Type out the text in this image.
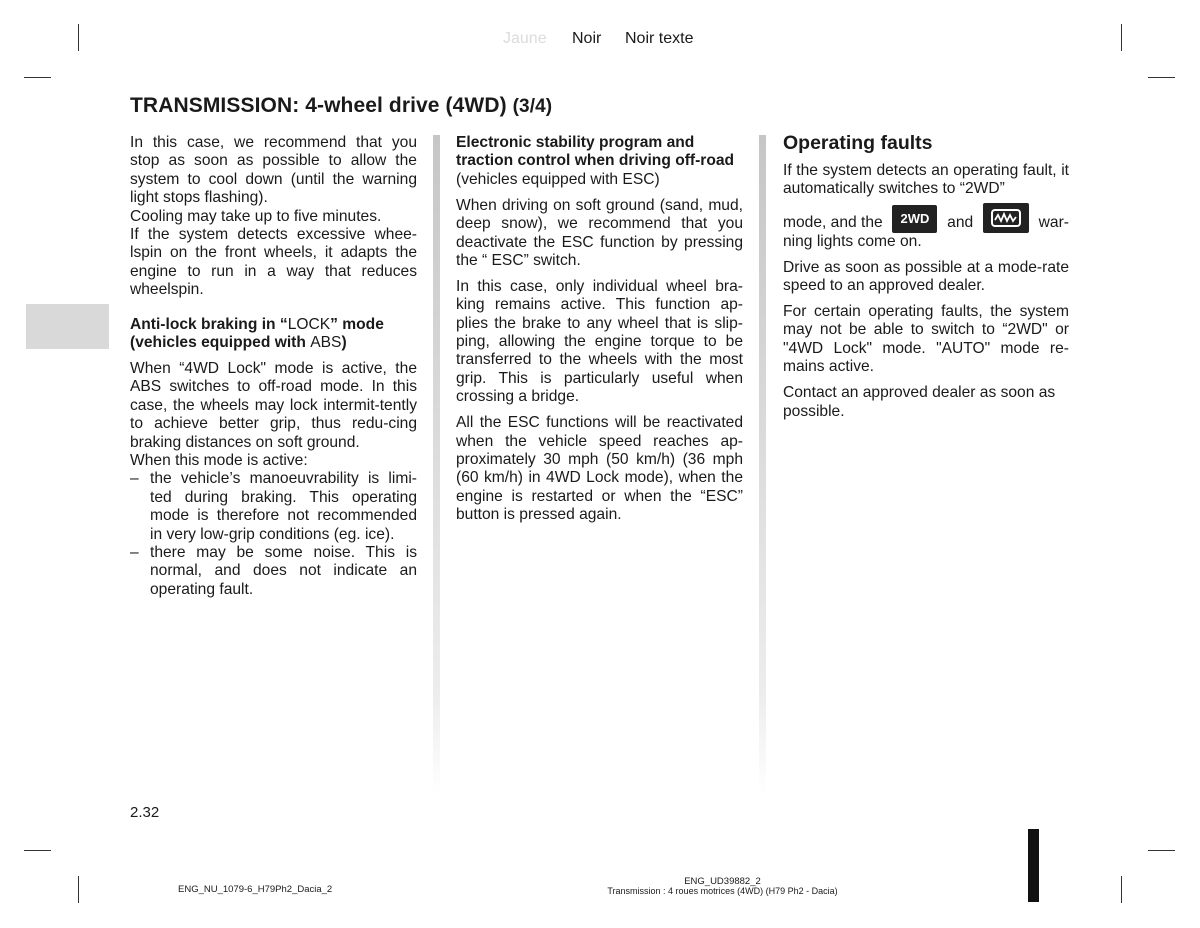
Jaune Noir Noir texte
TRANSMISSION: 4-wheel drive (4WD) (3/4)

In this case, we recommend that you stop as soon as possible to allow the system to cool down (until the warning light stops flashing).

Cooling may take up to five minutes.

If the system detects excessive whee-lspin on the front wheels, it adapts the engine to run in a way that reduces wheelspin.

Anti-lock braking in “LOCK” mode
(vehicles equipped with ABS)

When “4WD Lock" mode is active, the ABS switches to off-road mode. In this case, the wheels may lock intermit-tently to achieve better grip, thus redu-cing braking distances on soft ground.

When this mode is active:

– the vehicle’s manoeuvrability is limi-ted during braking. This operating mode is therefore not recommended in very low-grip conditions (eg. ice).
– there may be some noise. This is normal, and does not indicate an operating fault.

Electronic stability program and traction control when driving off-road

(vehicles equipped with ESC)

When driving on soft ground (sand, mud, deep snow), we recommend that you deactivate the ESC function by pressing the “ ESC” switch.

In this case, only individual wheel bra-king remains active. This function ap-plies the brake to any wheel that is slip-ping, allowing the engine torque to be transferred to the wheels with the most grip. This is particularly useful when crossing a bridge.

All the ESC functions will be reactivated when the vehicle speed reaches ap-proximately 30 mph (50 km/h) (36 mph (60 km/h) in 4WD Lock mode), when the engine is restarted or when the “ESC” button is pressed again.

Operating faults

If the system detects an operating fault, it automatically switches to “2WD”

mode, and the	2WD	and	war-

ning lights come on.

Drive as soon as possible at a mode-rate speed to an approved dealer.

For certain operating faults, the system may not be able to switch to “2WD" or "4WD Lock" mode. "AUTO" mode re-mains active.

Contact an approved dealer as soon as possible.

2.32
ENG_NU_1079-6_H79Ph2_Dacia_2
ENG_UD39882_2
Transmission : 4 roues motrices (4WD) (H79 Ph2 - Dacia)
